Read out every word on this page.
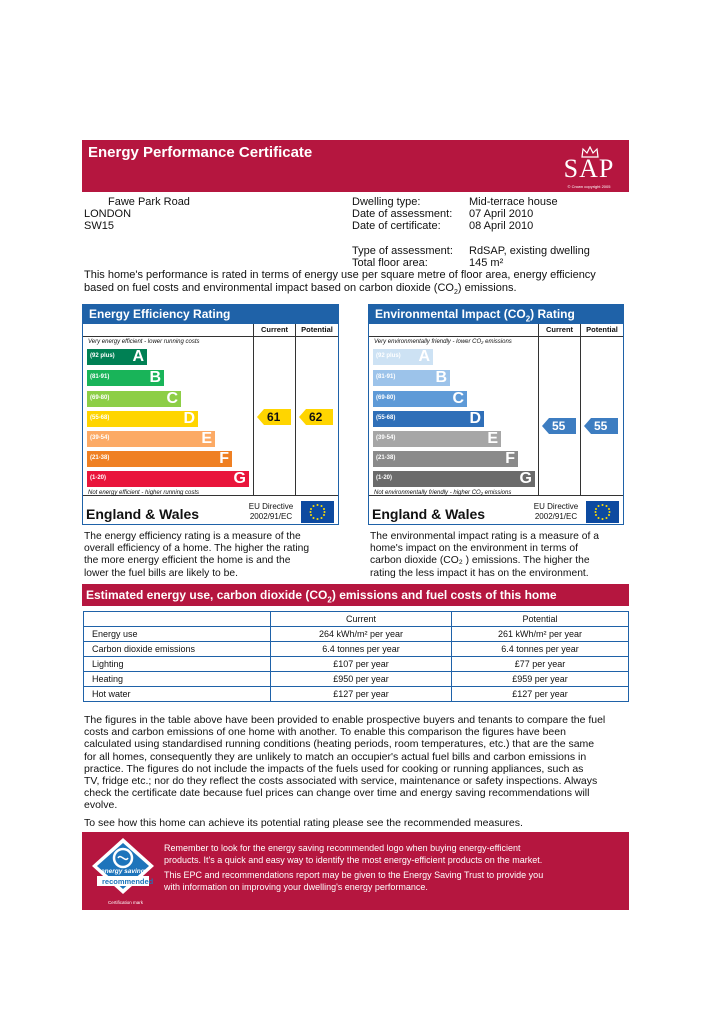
Energy Performance Certificate
SAP
© Crown copyright 2005
Fawe Park Road
LONDON
SW15
Dwelling type:	Mid-terrace house
Date of assessment: 07 April 2010
Date of certificate:	08 April 2010
Type of assessment: RdSAP, existing dwelling
Total floor area:	145 m²
This home's performance is rated in terms of energy use per square metre of floor area, energy efficiency
based on fuel costs and environmental impact based on carbon dioxide $(CO_2)$ emissions.
Energy Efficiency Rating
Current	Potential
Very energy efficient - lower running costs
(92 plus) A
(81-91)	B
(69-80)	C
(55-68)	D
(39-54)	E
(21-38)	F
(1-20)	G
Not energy efficient - higher running costs
61 62
England & Wales	EU Directive
2002/91/EC
Environmental Impact $(CO_2)$ Rating
Current	Potential
Very environmentally friendly - lower CO₂ emissions
(92 plus) A
(81-91)	B
(69-80)	C
(55-68)	D
(39-54)	E
(21-38)	F
(1-20)	G
Not environmentally friendly - higher CO₂ emissions
55 55
England & Wales	EU Directive
2002/91/EC
The energy efficiency rating is a measure of the
overall efficiency of a home. The higher the rating
the more energy efficient the home is and the
lower the fuel bills are likely to be.
The environmental impact rating is a measure of a
home's impact on the environment in terms of
carbon dioxide (CO₂ ) emissions. The higher the
rating the less impact it has on the environment.
Estimated energy use, carbon dioxide $(CO_2)$ emissions and fuel costs of this home
	Current	Potential
Energy use	264 kWh/m² per year	261 kWh/m² per year
Carbon dioxide emissions	6.4 tonnes per year	6.4 tonnes per year
Lighting	£107 per year	£77 per year
Heating	£950 per year	£959 per year
Hot water	£127 per year	£127 per year
The figures in the table above have been provided to enable prospective buyers and tenants to compare the fuel
costs and carbon emissions of one home with another. To enable this comparison the figures have been
calculated using standardised running conditions (heating periods, room temperatures, etc.) that are the same
for all homes, consequently they are unlikely to match an occupier's actual fuel bills and carbon emissions in
practice. The figures do not include the impacts of the fuels used for cooking or running appliances, such as
TV, fridge etc.; nor do they reflect the costs associated with service, maintenance or safety inspections. Always
check the certificate date because fuel prices can change over time and energy saving recommendations will
evolve.
To see how this home can achieve its potential rating please see the recommended measures.
energy saving
recommended
Certification mark
Remember to look for the energy saving recommended logo when buying energy-efficient
products. It's a quick and easy way to identify the most energy-efficient products on the market.
This EPC and recommendations report may be given to the Energy Saving Trust to provide you
with information on improving your dwelling's energy performance.
